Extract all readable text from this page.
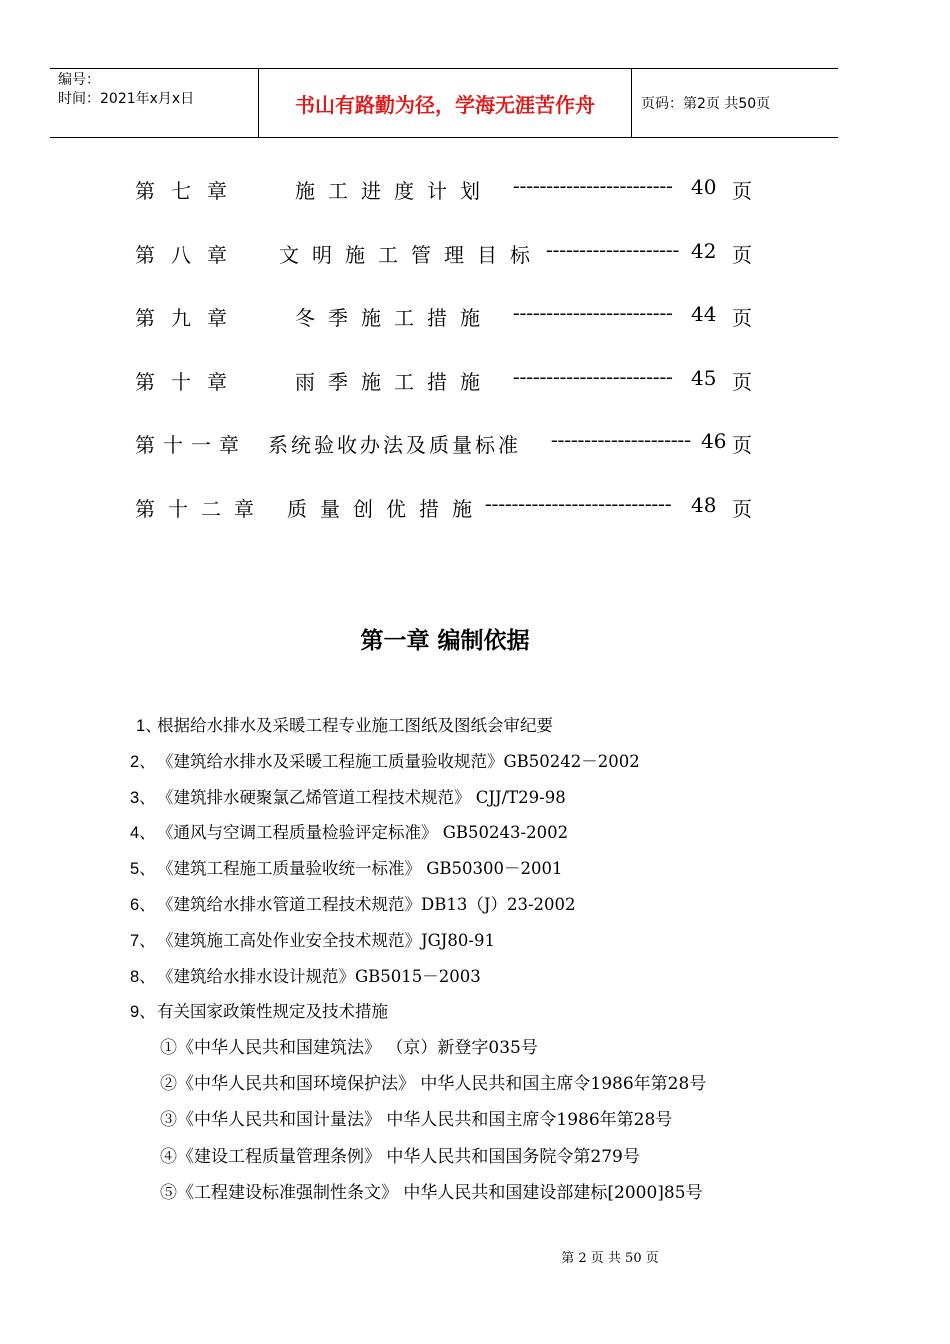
编号：
时间：2021年x月x日	书山有路勤为径，学海无涯苦作舟	页码：第2页 共50页
第七章	施工进度计划 ------------------------ 40 页
第八章 文明施工管理目标 -------------------- 42 页
第九章	冬季施工措施 ------------------------ 44 页
第十章	雨季施工措施 ------------------------ 45 页
第十一章 系统验收办法及质量标准 --------------------- 46 页
第十二章 质量创优措施 ---------------------------- 48 页
第一章 编制依据
1、根据给水排水及采暖工程专业施工图纸及图纸会审纪要
2、《建筑给水排水及采暖工程施工质量验收规范》GB50242－2002
3、《建筑排水硬聚氯乙烯管道工程技术规范》 CJJ/T29-98
4、《通风与空调工程质量检验评定标准》 GB50243-2002
5、《建筑工程施工质量验收统一标准》 GB50300－2001
6、《建筑给水排水管道工程技术规范》DB13（J）23-2002
7、《建筑施工高处作业安全技术规范》JGJ80-91
8、《建筑给水排水设计规范》GB5015－2003
9、有关国家政策性规定及技术措施
①《中华人民共和国建筑法》 （京）新登字035号
②《中华人民共和国环境保护法》 中华人民共和国主席令1986年第28号
③《中华人民共和国计量法》 中华人民共和国主席令1986年第28号
④《建设工程质量管理条例》 中华人民共和国国务院令第279号
⑤《工程建设标准强制性条文》 中华人民共和国建设部建标[2000]85号
第 2 页 共 50 页
